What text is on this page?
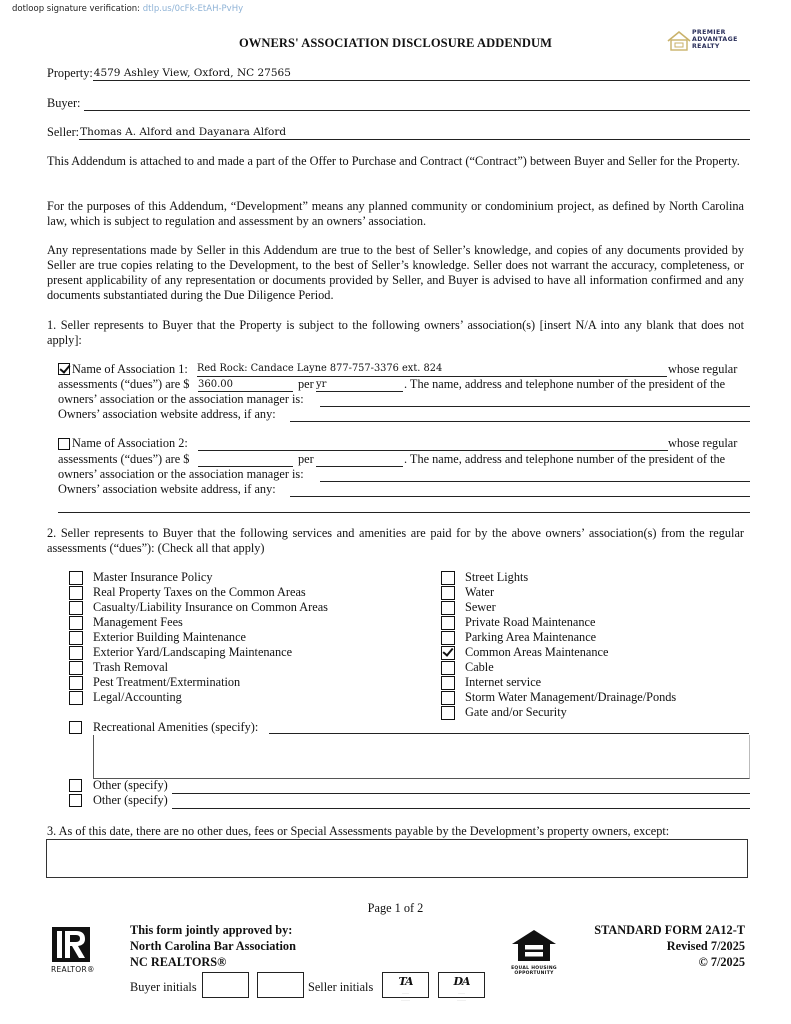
dotloop signature verification: dtlp.us/0cFk-EtAH-PvHy
OWNERS' ASSOCIATION DISCLOSURE ADDENDUM
PREMIER
ADVANTAGE
REALTY
Property: 4579 Ashley View, Oxford, NC 27565
Buyer:
Seller: Thomas A. Alford and Dayanara Alford
This Addendum is attached to and made a part of the Offer to Purchase and Contract (“Contract”) between Buyer and Seller for the Property.
For the purposes of this Addendum, “Development” means any planned community or condominium project, as defined by North Carolina law, which is subject to regulation and assessment by an owners’ association.
Any representations made by Seller in this Addendum are true to the best of Seller’s knowledge, and copies of any documents provided by Seller are true copies relating to the Development, to the best of Seller’s knowledge. Seller does not warrant the accuracy, completeness, or present applicability of any representation or documents provided by Seller, and Buyer is advised to have all information confirmed and any documents substantiated during the Due Diligence Period.
1. Seller represents to Buyer that the Property is subject to the following owners’ association(s) [insert N/A into any blank that does not apply]:
Name of Association 1: Red Rock: Candace Layne 877-757-3376 ext. 824	whose regular
assessments (“dues”) are $ 360.00	per yr	. The name, address and telephone number of the president of the
owners’ association or the association manager is:
Owners’ association website address, if any:
Name of Association 2:	whose regular
assessments (“dues”) are $	per	. The name, address and telephone number of the president of the
owners’ association or the association manager is:
Owners’ association website address, if any:
2. Seller represents to Buyer that the following services and amenities are paid for by the above owners’ association(s) from the regular assessments (“dues”): (Check all that apply)
Master Insurance Policy
Real Property Taxes on the Common Areas
Casualty/Liability Insurance on Common Areas
Management Fees
Exterior Building Maintenance
Exterior Yard/Landscaping Maintenance
Trash Removal
Pest Treatment/Extermination
Legal/Accounting
Street Lights
Water
Sewer
Private Road Maintenance
Parking Area Maintenance
Common Areas Maintenance
Cable
Internet service
Storm Water Management/Drainage/Ponds
Gate and/or Security
Recreational Amenities (specify):
Other (specify)
Other (specify)
3. As of this date, there are no other dues, fees or Special Assessments payable by the Development’s property owners, except:
Page 1 of 2
REALTOR®
This form jointly approved by:
North Carolina Bar Association
NC REALTORS®
Buyer initials	Seller initials	TA
·······
········
·········
DA
·······
········
·········
EQUAL HOUSING
OPPORTUNITY
STANDARD FORM 2A12-T
Revised 7/2025
© 7/2025
